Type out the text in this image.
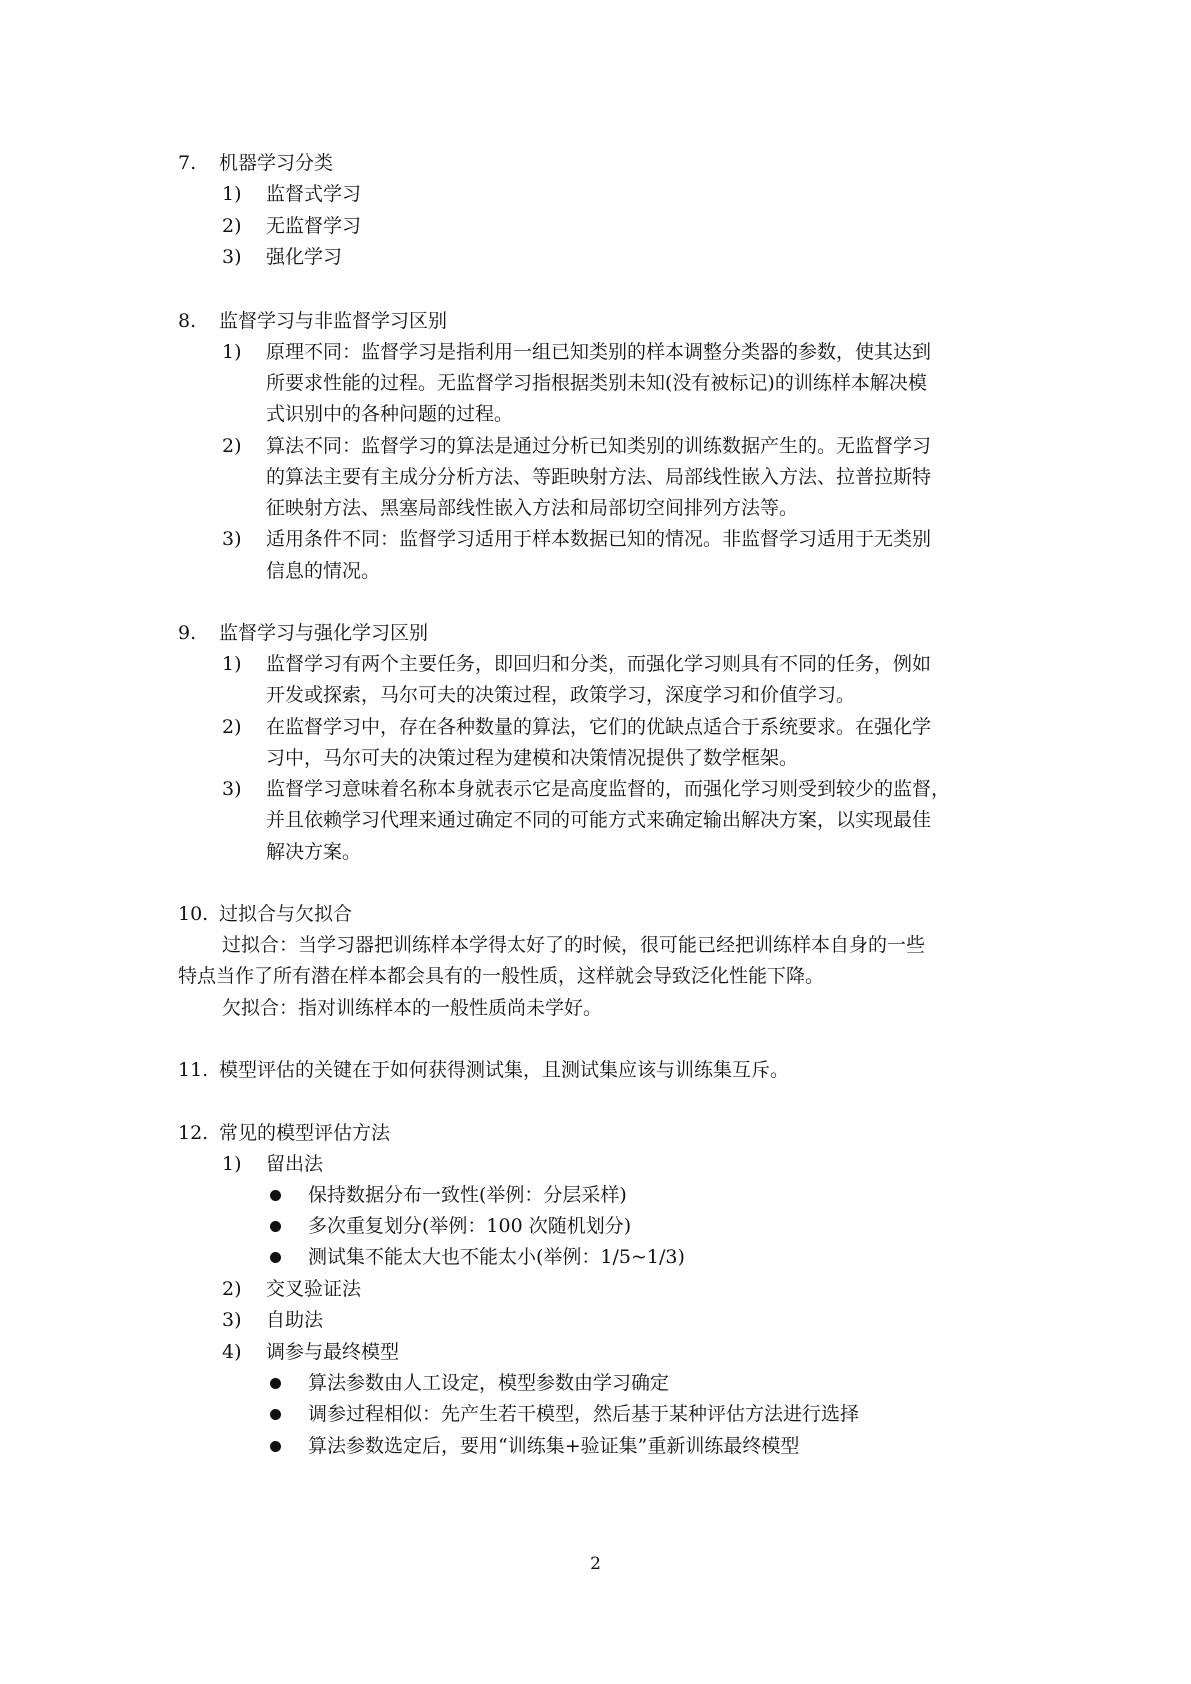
7. 机器学习分类
1) 监督式学习
2) 无监督学习
3) 强化学习
8. 监督学习与非监督学习区别
1) 原理不同：监督学习是指利用一组已知类别的样本调整分类器的参数，使其达到
所要求性能的过程。无监督学习指根据类别未知(没有被标记)的训练样本解决模
式识别中的各种问题的过程。
2) 算法不同：监督学习的算法是通过分析已知类别的训练数据产生的。无监督学习
的算法主要有主成分分析方法、等距映射方法、局部线性嵌入方法、拉普拉斯特
征映射方法、黑塞局部线性嵌入方法和局部切空间排列方法等。
3) 适用条件不同：监督学习适用于样本数据已知的情况。非监督学习适用于无类别
信息的情况。
9. 监督学习与强化学习区别
1) 监督学习有两个主要任务，即回归和分类，而强化学习则具有不同的任务，例如
开发或探索，马尔可夫的决策过程，政策学习，深度学习和价值学习。
2) 在监督学习中，存在各种数量的算法，它们的优缺点适合于系统要求。在强化学
习中，马尔可夫的决策过程为建模和决策情况提供了数学框架。
3) 监督学习意味着名称本身就表示它是高度监督的，而强化学习则受到较少的监督，
并且依赖学习代理来通过确定不同的可能方式来确定输出解决方案，以实现最佳
解决方案。
10. 过拟合与欠拟合
过拟合：当学习器把训练样本学得太好了的时候，很可能已经把训练样本自身的一些
特点当作了所有潜在样本都会具有的一般性质，这样就会导致泛化性能下降。
欠拟合：指对训练样本的一般性质尚未学好。
11. 模型评估的关键在于如何获得测试集，且测试集应该与训练集互斥。
12. 常见的模型评估方法
1) 留出法
保持数据分布一致性(举例：分层采样)
多次重复划分(举例：100 次随机划分)
测试集不能太大也不能太小(举例：1/5~1/3)
2) 交叉验证法
3) 自助法
4) 调参与最终模型
算法参数由人工设定，模型参数由学习确定
调参过程相似：先产生若干模型，然后基于某种评估方法进行选择
算法参数选定后，要用“训练集+验证集”重新训练最终模型
2
